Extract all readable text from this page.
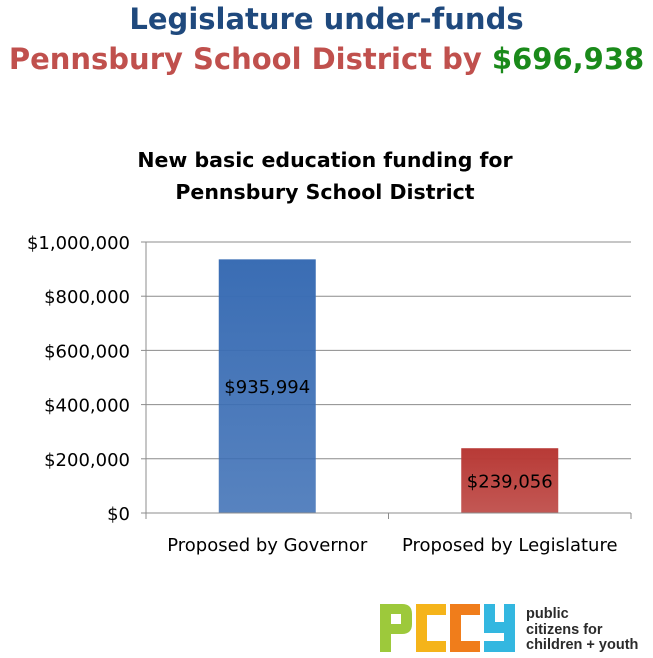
Legislature under-funds
Pennsbury School District by $696,938
New basic education funding for
Pennsbury School District
$935,994
$239,056
$0
$200,000
$400,000
$600,000
$800,000
$1,000,000
Proposed by Governor Proposed by Legislature
public
citizens for
children + youth
